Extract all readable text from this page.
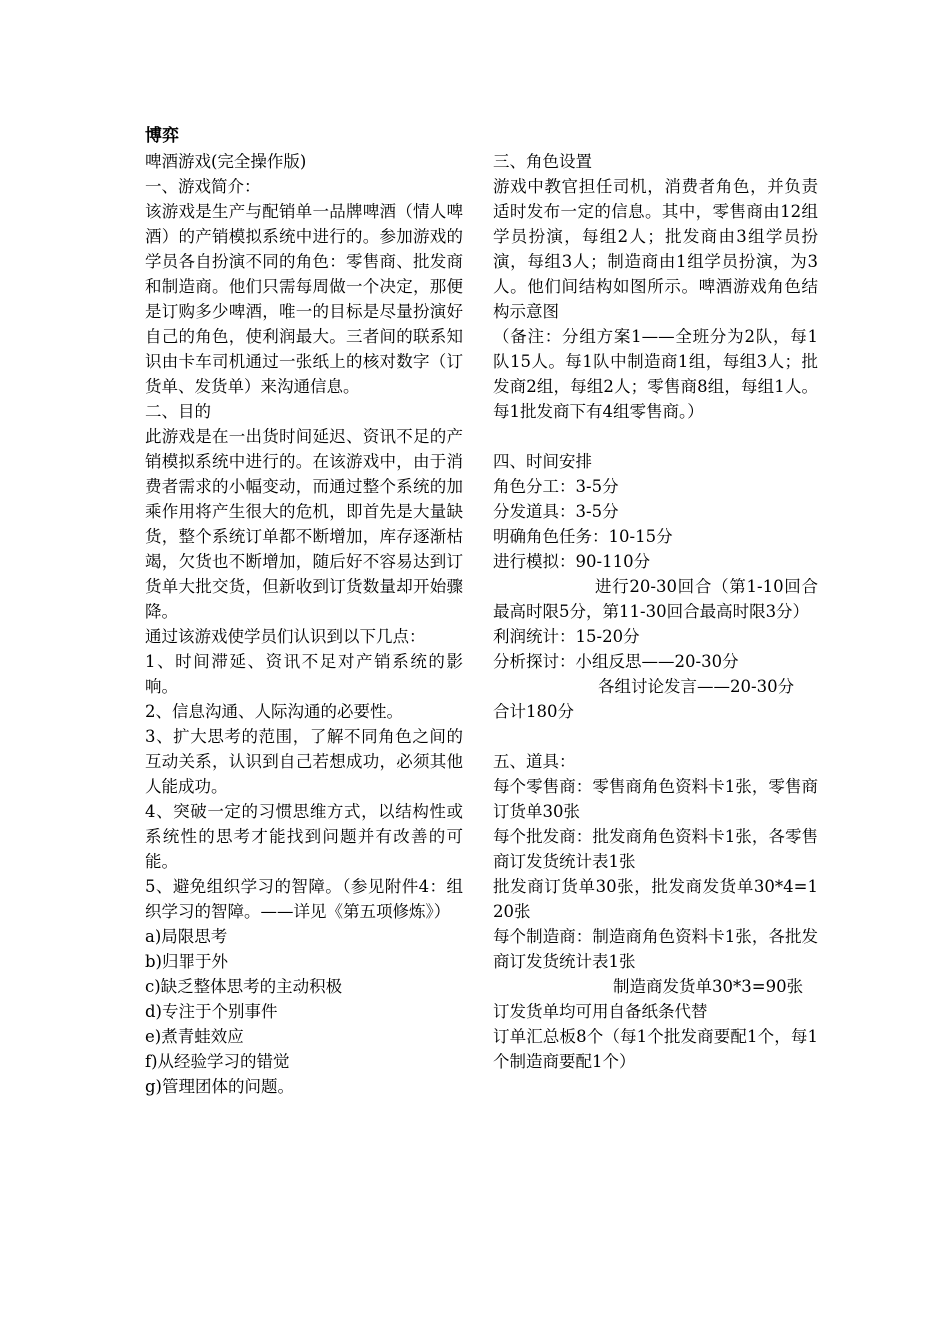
博弈

啤酒游戏(完全操作版)

一、游戏简介：

该游戏是生产与配销单一品牌啤酒（情人啤酒）的产销模拟系统中进行的。参加游戏的学员各自扮演不同的角色：零售商、批发商和制造商。他们只需每周做一个决定，那便是订购多少啤酒，唯一的目标是尽量扮演好自己的角色，使利润最大。三者间的联系知识由卡车司机通过一张纸上的核对数字（订货单、发货单）来沟通信息。

二、目的

此游戏是在一出货时间延迟、资讯不足的产销模拟系统中进行的。在该游戏中，由于消费者需求的小幅变动，而通过整个系统的加乘作用将产生很大的危机，即首先是大量缺货，整个系统订单都不断增加，库存逐渐枯竭，欠货也不断增加，随后好不容易达到订货单大批交货，但新收到订货数量却开始骤降。

通过该游戏使学员们认识到以下几点：

1、时间滞延、资讯不足对产销系统的影响。

2、信息沟通、人际沟通的必要性。

3、扩大思考的范围，了解不同角色之间的互动关系，认识到自己若想成功，必须其他人能成功。

4、突破一定的习惯思维方式，以结构性或系统性的思考才能找到问题并有改善的可能。

5、避免组织学习的智障。（参见附件4：组织学习的智障。——详见《第五项修炼》）

a)局限思考

b)归罪于外

c)缺乏整体思考的主动积极

d)专注于个别事件

e)煮青蛙效应

f)从经验学习的错觉

g)管理团体的问题。

三、角色设置

游戏中教官担任司机，消费者角色，并负责适时发布一定的信息。其中，零售商由12组学员扮演，每组2人；批发商由3组学员扮演，每组3人；制造商由1组学员扮演，为3人。他们间结构如图所示。啤酒游戏角色结构示意图

（备注：分组方案1——全班分为2队，每1队15人。每1队中制造商1组，每组3人；批发商2组，每组2人；零售商8组，每组1人。每1批发商下有4组零售商。）

四、时间安排

角色分工：3-5分

分发道具：3-5分

明确角色任务：10-15分

进行模拟：90-110分

进行20-30回合（第1-10回合最高时限5分，第11-30回合最高时限3分）

利润统计：15-20分

分析探讨：小组反思——20-30分

各组讨论发言——20-30分

合计180分

五、道具：

每个零售商：零售商角色资料卡1张，零售商订货单30张

每个批发商：批发商角色资料卡1张，各零售商订发货统计表1张

批发商订货单30张，批发商发货单30*4=120张

每个制造商：制造商角色资料卡1张，各批发商订发货统计表1张

制造商发货单30*3=90张

订发货单均可用自备纸条代替

订单汇总板8个（每1个批发商要配1个，每1个制造商要配1个）
